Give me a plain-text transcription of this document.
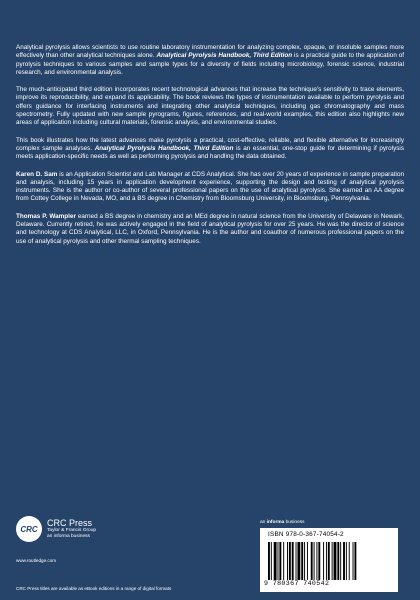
Analytical pyrolysis allows scientists to use routine laboratory instrumentation for analyzing complex, opaque, or insoluble samples more effectively than other analytical techniques alone. Analytical Pyrolysis Handbook, Third Edition is a practical guide to the application of pyrolysis techniques to various samples and sample types for a diversity of fields including microbiology, forensic science, industrial research, and environmental analysis.

The much-anticipated third edition incorporates recent technological advances that increase the technique's sensitivity to trace elements, improve its reproducibility, and expand its applicability. The book reviews the types of instrumentation available to perform pyrolysis and offers guidance for interfacing instruments and integrating other analytical techniques, including gas chromatography and mass spectrometry. Fully updated with new sample pyrograms, figures, references, and real-world examples, this edition also highlights new areas of application including cultural materials, forensic analysis, and environmental studies.

This book illustrates how the latest advances make pyrolysis a practical, cost-effective, reliable, and flexible alternative for increasingly complex sample analyses. Analytical Pyrolysis Handbook, Third Edition is an essential, one-stop guide for determining if pyrolysis meets application-specific needs as well as performing pyrolysis and handling the data obtained.

Karen D. Sam is an Application Scientist and Lab Manager at CDS Analytical. She has over 20 years of experience in sample preparation and analysis, including 15 years in application development experience, supporting the design and testing of analytical pyrolysis instruments. She is the author or co-author of several professional papers on the use of analytical pyrolysis. She earned an AA degree from Cottey College in Nevada, MO, and a BS degree in Chemistry from Bloomsburg University, in Bloomsburg, Pennsylvania.

Thomas P. Wampler earned a BS degree in chemistry and an MEd degree in natural science from the University of Delaware in Newark, Delaware. Currently retired, he was actively engaged in the field of analytical pyrolysis for over 25 years. He was the director of science and technology at CDS Analytical, LLC, in Oxford, Pennsylvania. He is the author and coauthor of numerous professional papers on the use of analytical pyrolysis and other thermal sampling techniques.

CRC
CRC Press
Taylor & Francis Group
an informa business
www.routledge.com
CRC Press titles are available as eBook editions in a range of digital formats
an informa business
ISBN 978-0-367-74054-2
9 780367 740542
